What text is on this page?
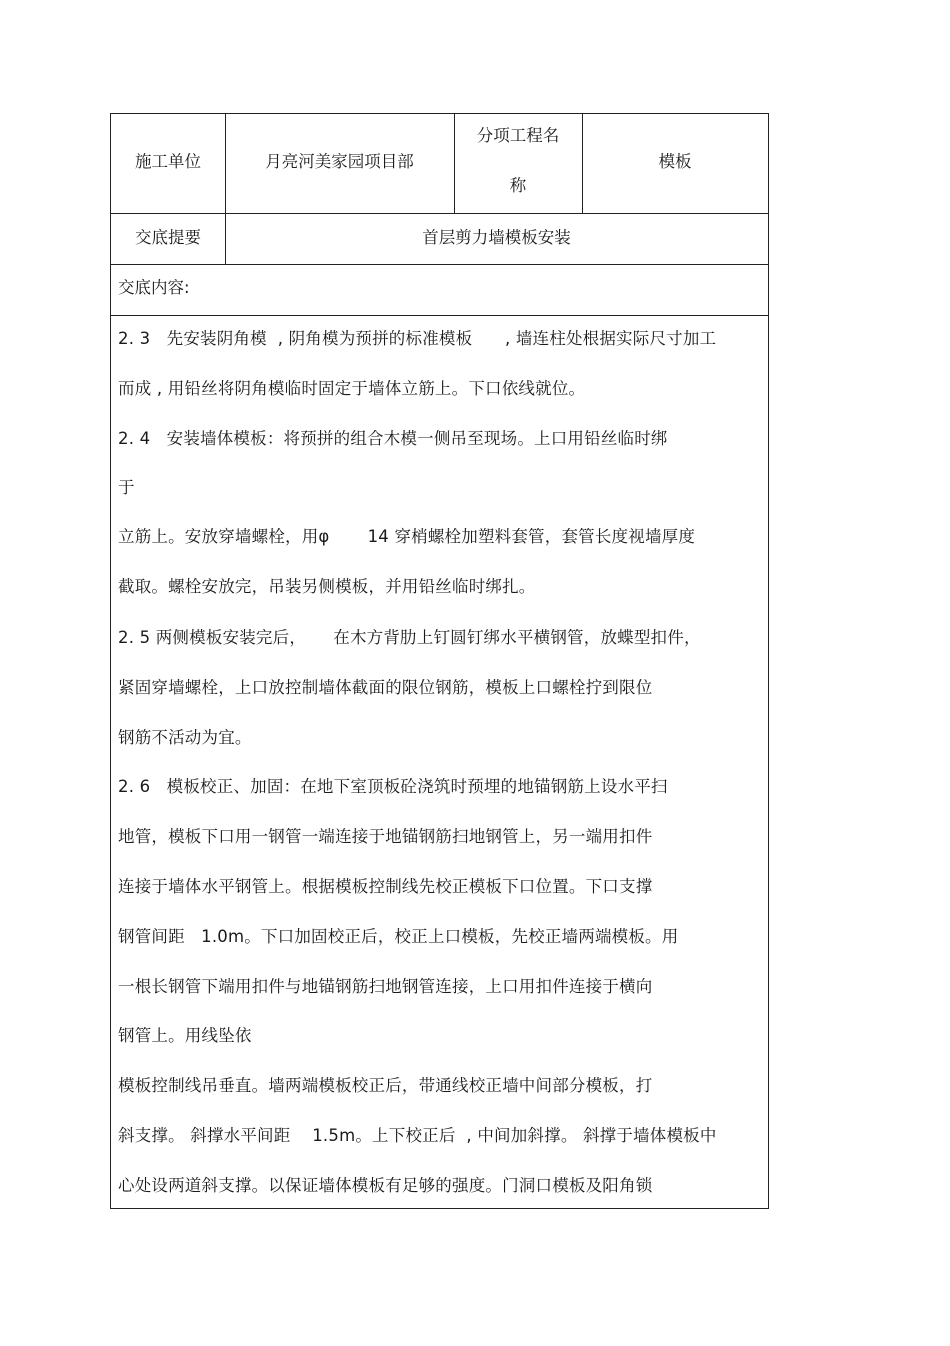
施工单位	月亮河美家园项目部
分项工程名
称
模板
交底提要	首层剪力墙模板安装
交底内容:
2. 3   先安装阴角模  , 阴角模为预拼的标准模板      , 墙连柱处根据实际尺寸加工
而成 , 用铅丝将阴角模临时固定于墙体立筋上。下口依线就位。
2. 4   安装墙体模板：将预拼的组合木模一侧吊至现场。上口用铅丝临时绑
于
立筋上。安放穿墙螺栓，用φ       14 穿梢螺栓加塑料套管，套管长度视墙厚度
截取。螺栓安放完，吊装另侧模板，并用铅丝临时绑扎。
2. 5 两侧模板安装完后，     在木方背肋上钉圆钉绑水平横钢管，放蝶型扣件，
紧固穿墙螺栓，上口放控制墙体截面的限位钢筋，模板上口螺栓拧到限位
钢筋不活动为宜。
2. 6   模板校正、加固：在地下室顶板砼浇筑时预埋的地锚钢筋上设水平扫
地管，模板下口用一钢管一端连接于地锚钢筋扫地钢管上，另一端用扣件
连接于墙体水平钢管上。根据模板控制线先校正模板下口位置。下口支撑
钢管间距   1.0m。下口加固校正后，校正上口模板，先校正墙两端模板。用
一根长钢管下端用扣件与地锚钢筋扫地钢管连接，上口用扣件连接于横向
钢管上。用线坠依
模板控制线吊垂直。墙两端模板校正后，带通线校正墙中间部分模板，打
斜支撑。 斜撑水平间距    1.5m。上下校正后  , 中间加斜撑。 斜撑于墙体模板中
心处设两道斜支撑。以保证墙体模板有足够的强度。门洞口模板及阳角锁
